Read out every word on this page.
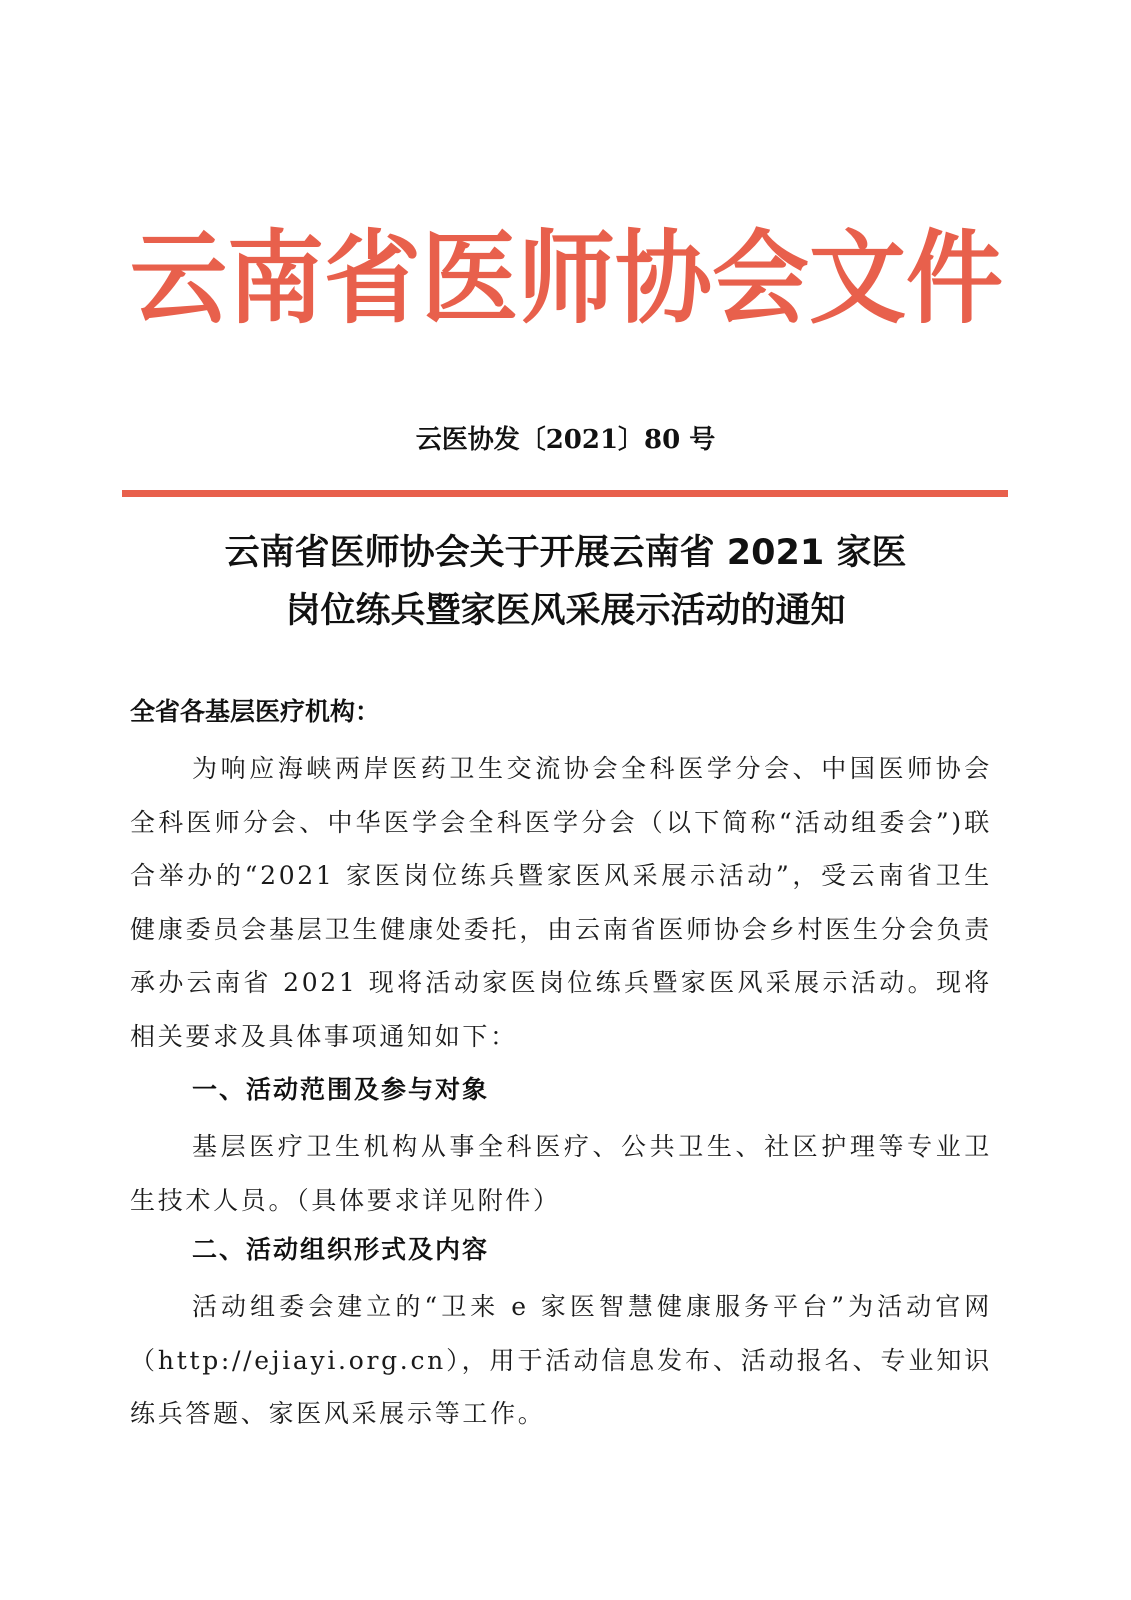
云南省医师协会文件
云医协发〔2021〕80 号
云南省医师协会关于开展云南省 2021 家医
岗位练兵暨家医风采展示活动的通知
全省各基层医疗机构：
为响应海峡两岸医药卫生交流协会全科医学分会、中国医师协会全科医师分会、中华医学会全科医学分会（以下简称“活动组委会”)联合举办的“2021 家医岗位练兵暨家医风采展示活动”，受云南省卫生健康委员会基层卫生健康处委托，由云南省医师协会乡村医生分会负责承办云南省 2021 现将活动家医岗位练兵暨家医风采展示活动。现将相关要求及具体事项通知如下：
一、活动范围及参与对象
基层医疗卫生机构从事全科医疗、公共卫生、社区护理等专业卫生技术人员。（具体要求详见附件）
二、活动组织形式及内容
活动组委会建立的“卫来 e 家医智慧健康服务平台”为活动官网（http://ejiayi.org.cn），用于活动信息发布、活动报名、专业知识练兵答题、家医风采展示等工作。
